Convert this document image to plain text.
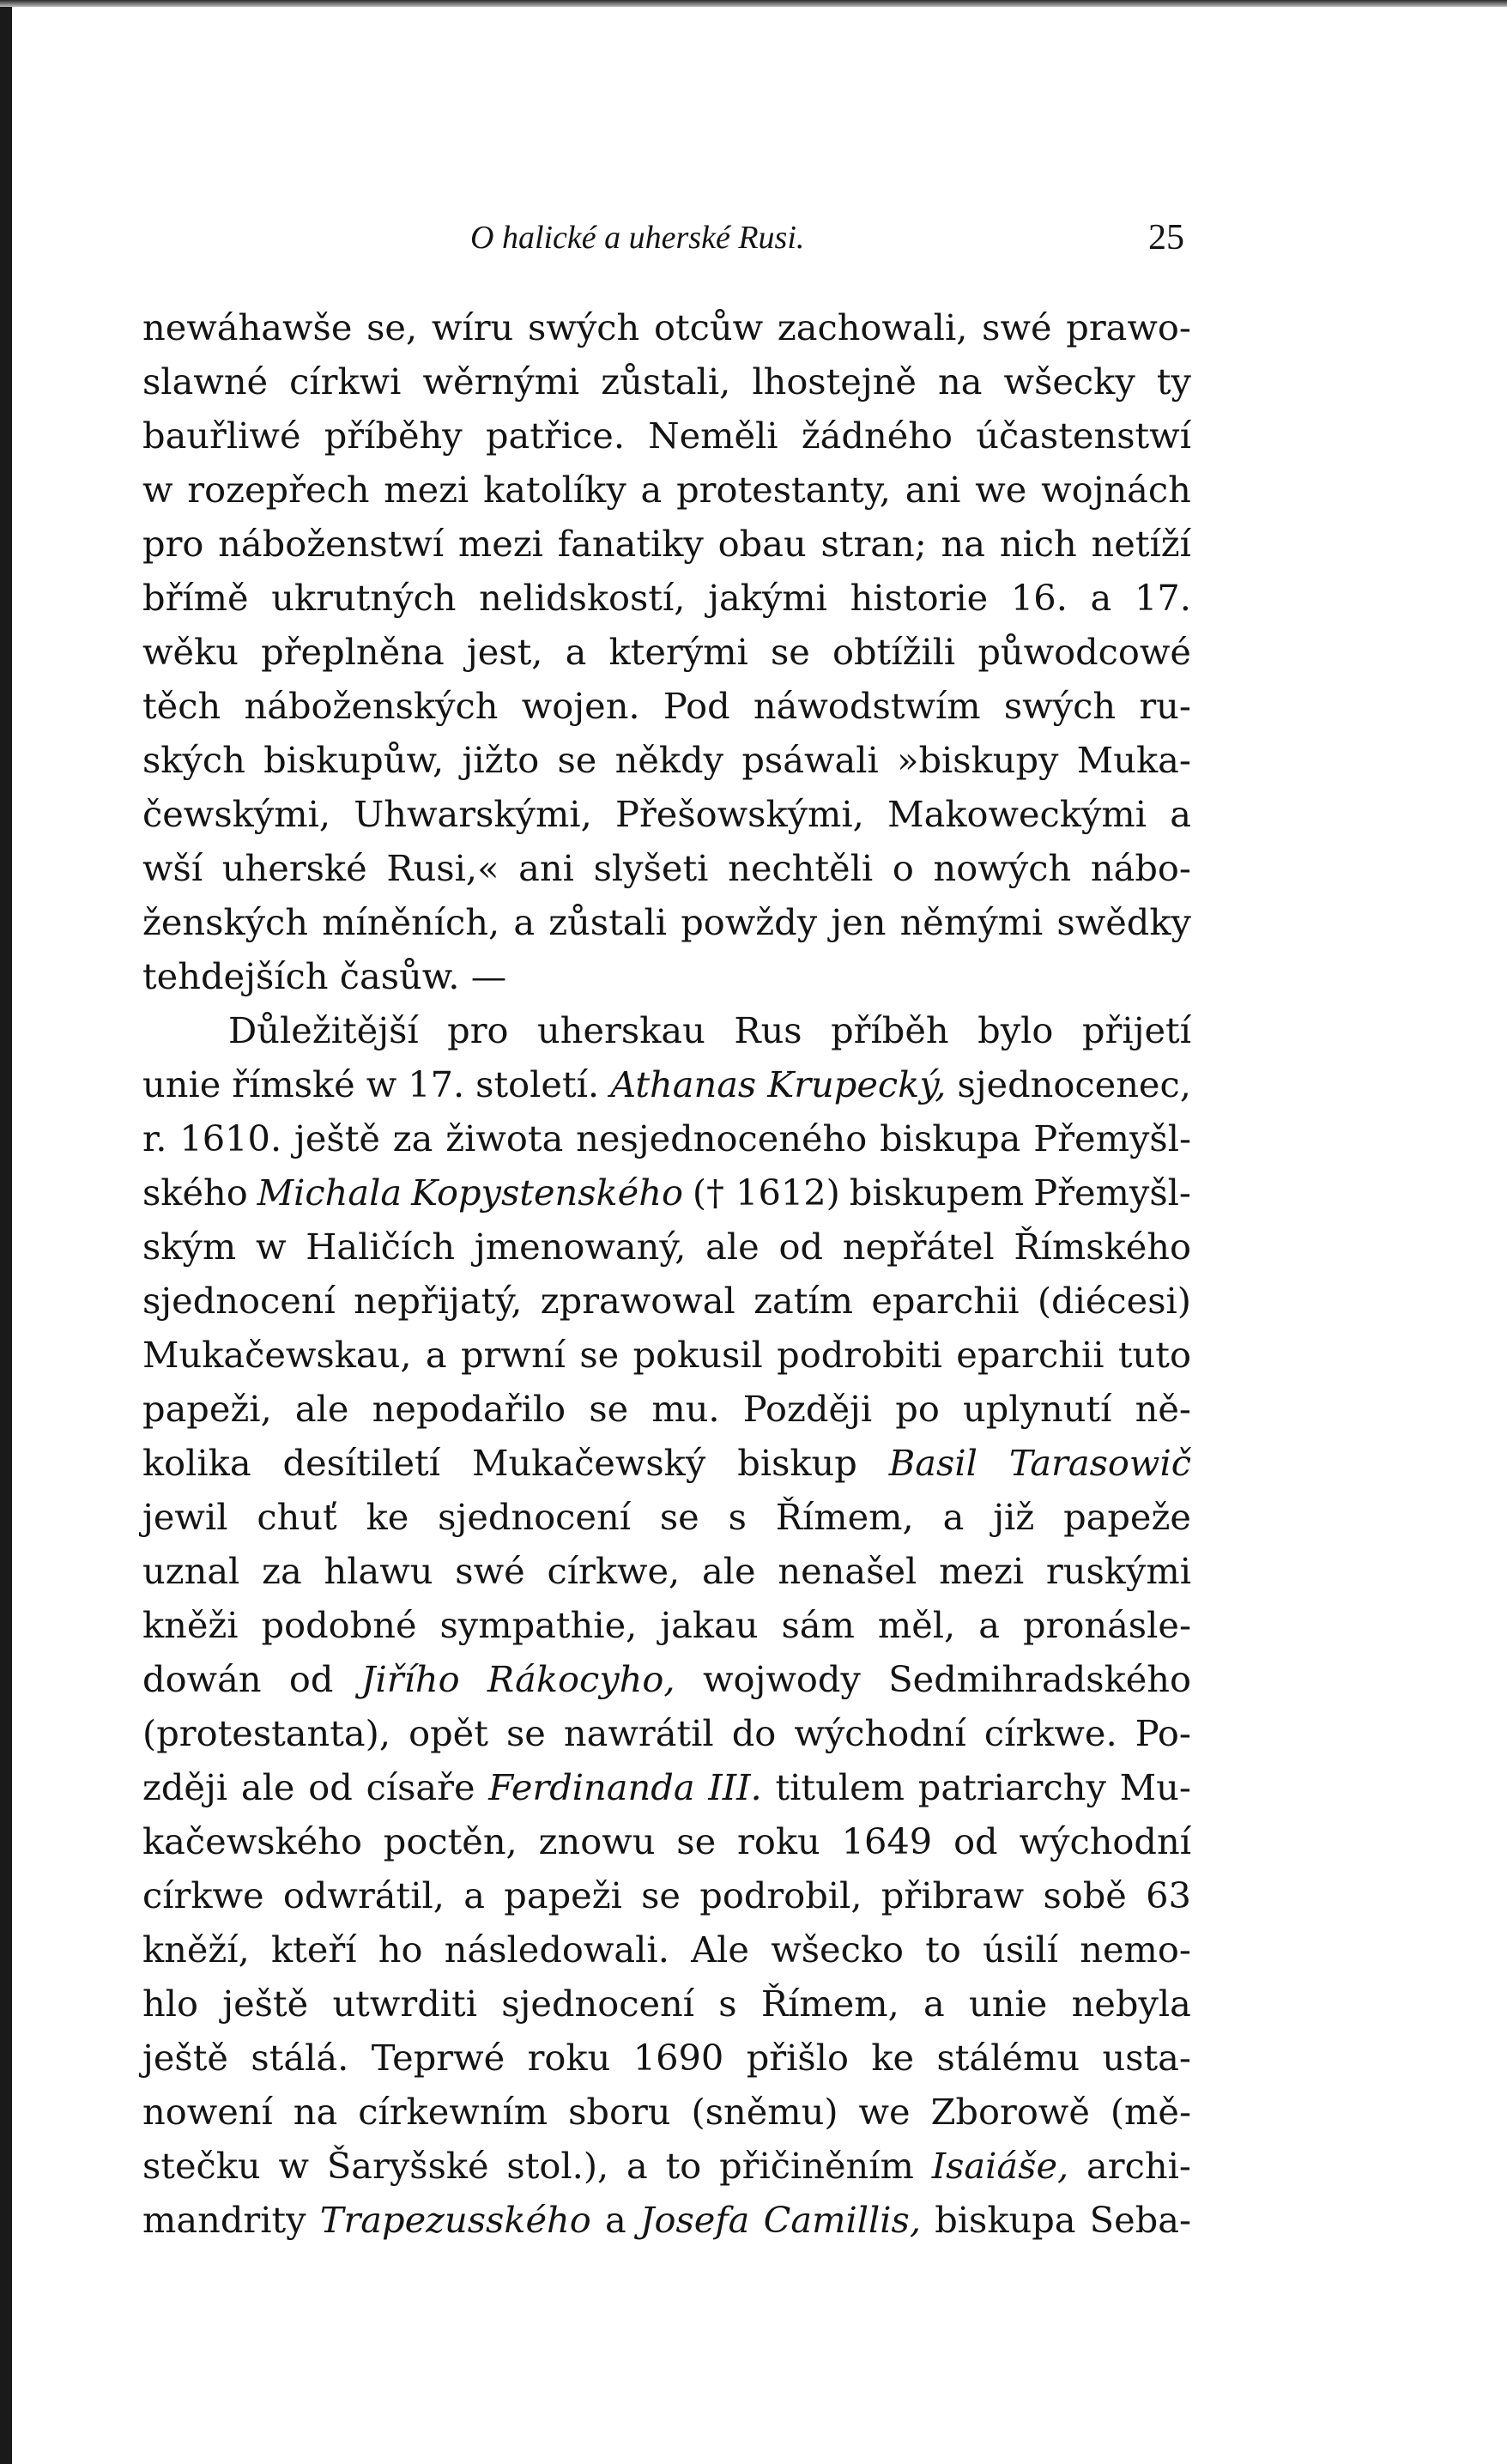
O halické a uherské Rusi.	25
newáhawše se, wíru swých otcůw zachowali, swé prawo-
slawné církwi wěrnými zůstali, lhostejně na wšecky ty
bauřliwé příběhy patřice. Neměli žádného účastenstwí
w rozepřech mezi katolíky a protestanty, ani we wojnách
pro náboženstwí mezi fanatiky obau stran; na nich netíží
břímě ukrutných nelidskostí, jakými historie 16. a 17.
wěku přeplněna jest, a kterými se obtížili půwodcowé
těch náboženských wojen. Pod náwodstwím swých ru-
ských biskupůw, jižto se někdy psáwali »biskupy Muka-
čewskými, Uhwarskými, Přešowskými, Makoweckými a
wší uherské Rusi,« ani slyšeti nechtěli o nowých nábo-
ženských míněních, a zůstali powždy jen němými swědky
tehdejších
časůw.
—
Důležitější pro uherskau Rus příběh bylo přijetí
unie římské w 17. století. Athanas Krupecký, sjednocenec,
r. 1610. ještě za žiwota nesjednoceného biskupa Přemyšl-
ského Michala Kopystenského († 1612) biskupem Přemyšl-
ským w Haličích jmenowaný, ale od nepřátel Římského
sjednocení nepřijatý, zprawowal zatím eparchii (diécesi)
Mukačewskau, a prwní se pokusil podrobiti eparchii tuto
papeži, ale nepodařilo se mu. Později po uplynutí ně-
kolika desítiletí Mukačewský biskup Basil Tarasowič
jewil chuť ke sjednocení se s Římem, a již papeže
uznal za hlawu swé církwe, ale nenašel mezi ruskými
kněži podobné sympathie, jakau sám měl, a pronásle-
dowán od Jiřího Rákocyho, wojwody Sedmihradského
(protestanta), opět se nawrátil do wýchodní církwe. Po-
zději ale od císaře Ferdinanda III. titulem patriarchy Mu-
kačewského poctěn, znowu se roku 1649 od wýchodní
církwe odwrátil, a papeži se podrobil, přibraw sobě 63
kněží, kteří ho následowali. Ale wšecko to úsilí nemo-
hlo ještě utwrditi sjednocení s Římem, a unie nebyla
ještě stálá. Teprwé roku 1690 přišlo ke stálému usta-
nowení na církewním sboru (sněmu) we Zborowě (mě-
stečku w Šaryšské stol.), a to přičiněním Isaiáše, archi-
mandrity Trapezusského a Josefa Camillis, biskupa Seba-
